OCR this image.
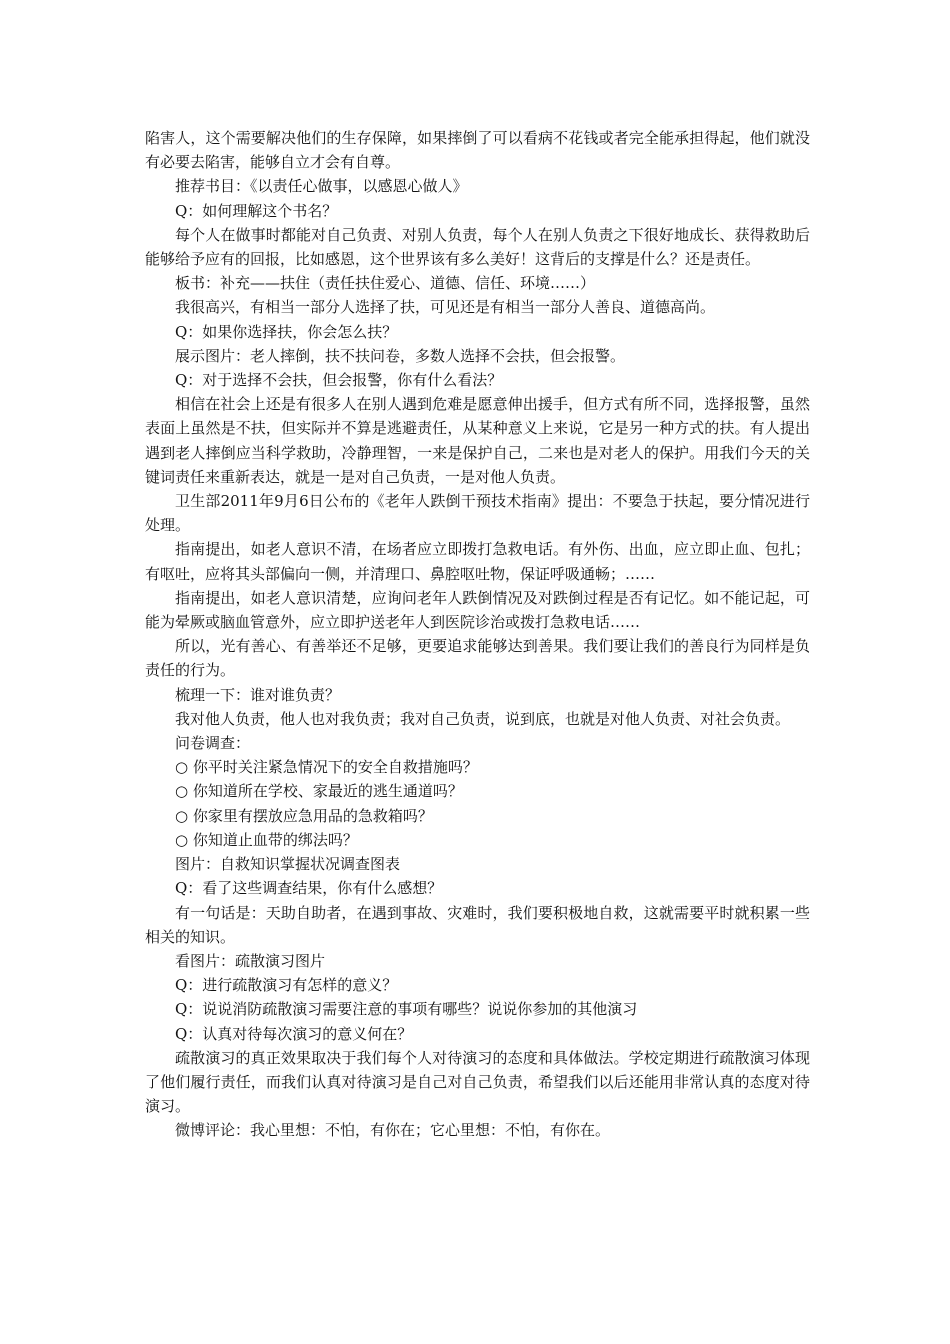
陷害人，这个需要解决他们的生存保障，如果摔倒了可以看病不花钱或者完全能承担得起，他们就没有必要去陷害，能够自立才会有自尊。

推荐书目：《以责任心做事，以感恩心做人》

Q：如何理解这个书名？

每个人在做事时都能对自己负责、对别人负责，每个人在别人负责之下很好地成长、获得救助后能够给予应有的回报，比如感恩，这个世界该有多么美好！这背后的支撑是什么？还是责任。

板书：补充——扶住（责任扶住爱心、道德、信任、环境……）

我很高兴，有相当一部分人选择了扶，可见还是有相当一部分人善良、道德高尚。

Q：如果你选择扶，你会怎么扶？

展示图片：老人摔倒，扶不扶问卷，多数人选择不会扶，但会报警。

Q：对于选择不会扶，但会报警，你有什么看法？

相信在社会上还是有很多人在别人遇到危难是愿意伸出援手，但方式有所不同，选择报警，虽然表面上虽然是不扶，但实际并不算是逃避责任，从某种意义上来说，它是另一种方式的扶。有人提出遇到老人摔倒应当科学救助，冷静理智，一来是保护自己，二来也是对老人的保护。用我们今天的关键词责任来重新表达，就是一是对自己负责，一是对他人负责。

卫生部2011年9月6日公布的《老年人跌倒干预技术指南》提出：不要急于扶起，要分情况进行处理。

指南提出，如老人意识不清，在场者应立即拨打急救电话。有外伤、出血，应立即止血、包扎；有呕吐，应将其头部偏向一侧，并清理口、鼻腔呕吐物，保证呼吸通畅；……

指南提出，如老人意识清楚，应询问老年人跌倒情况及对跌倒过程是否有记忆。如不能记起，可能为晕厥或脑血管意外，应立即护送老年人到医院诊治或拨打急救电话……

所以，光有善心、有善举还不足够，更要追求能够达到善果。我们要让我们的善良行为同样是负责任的行为。

梳理一下：谁对谁负责？

我对他人负责，他人也对我负责；我对自己负责，说到底，也就是对他人负责、对社会负责。

问卷调查：

○ 你平时关注紧急情况下的安全自救措施吗？

○ 你知道所在学校、家最近的逃生通道吗？

○ 你家里有摆放应急用品的急救箱吗？

○ 你知道止血带的绑法吗？

图片：自救知识掌握状况调查图表

Q：看了这些调查结果，你有什么感想？

有一句话是：天助自助者，在遇到事故、灾难时，我们要积极地自救，这就需要平时就积累一些相关的知识。

看图片：疏散演习图片

Q：进行疏散演习有怎样的意义？

Q：说说消防疏散演习需要注意的事项有哪些？说说你参加的其他演习

Q：认真对待每次演习的意义何在？

疏散演习的真正效果取决于我们每个人对待演习的态度和具体做法。学校定期进行疏散演习体现了他们履行责任，而我们认真对待演习是自己对自己负责，希望我们以后还能用非常认真的态度对待演习。

微博评论：我心里想：不怕，有你在；它心里想：不怕，有你在。
